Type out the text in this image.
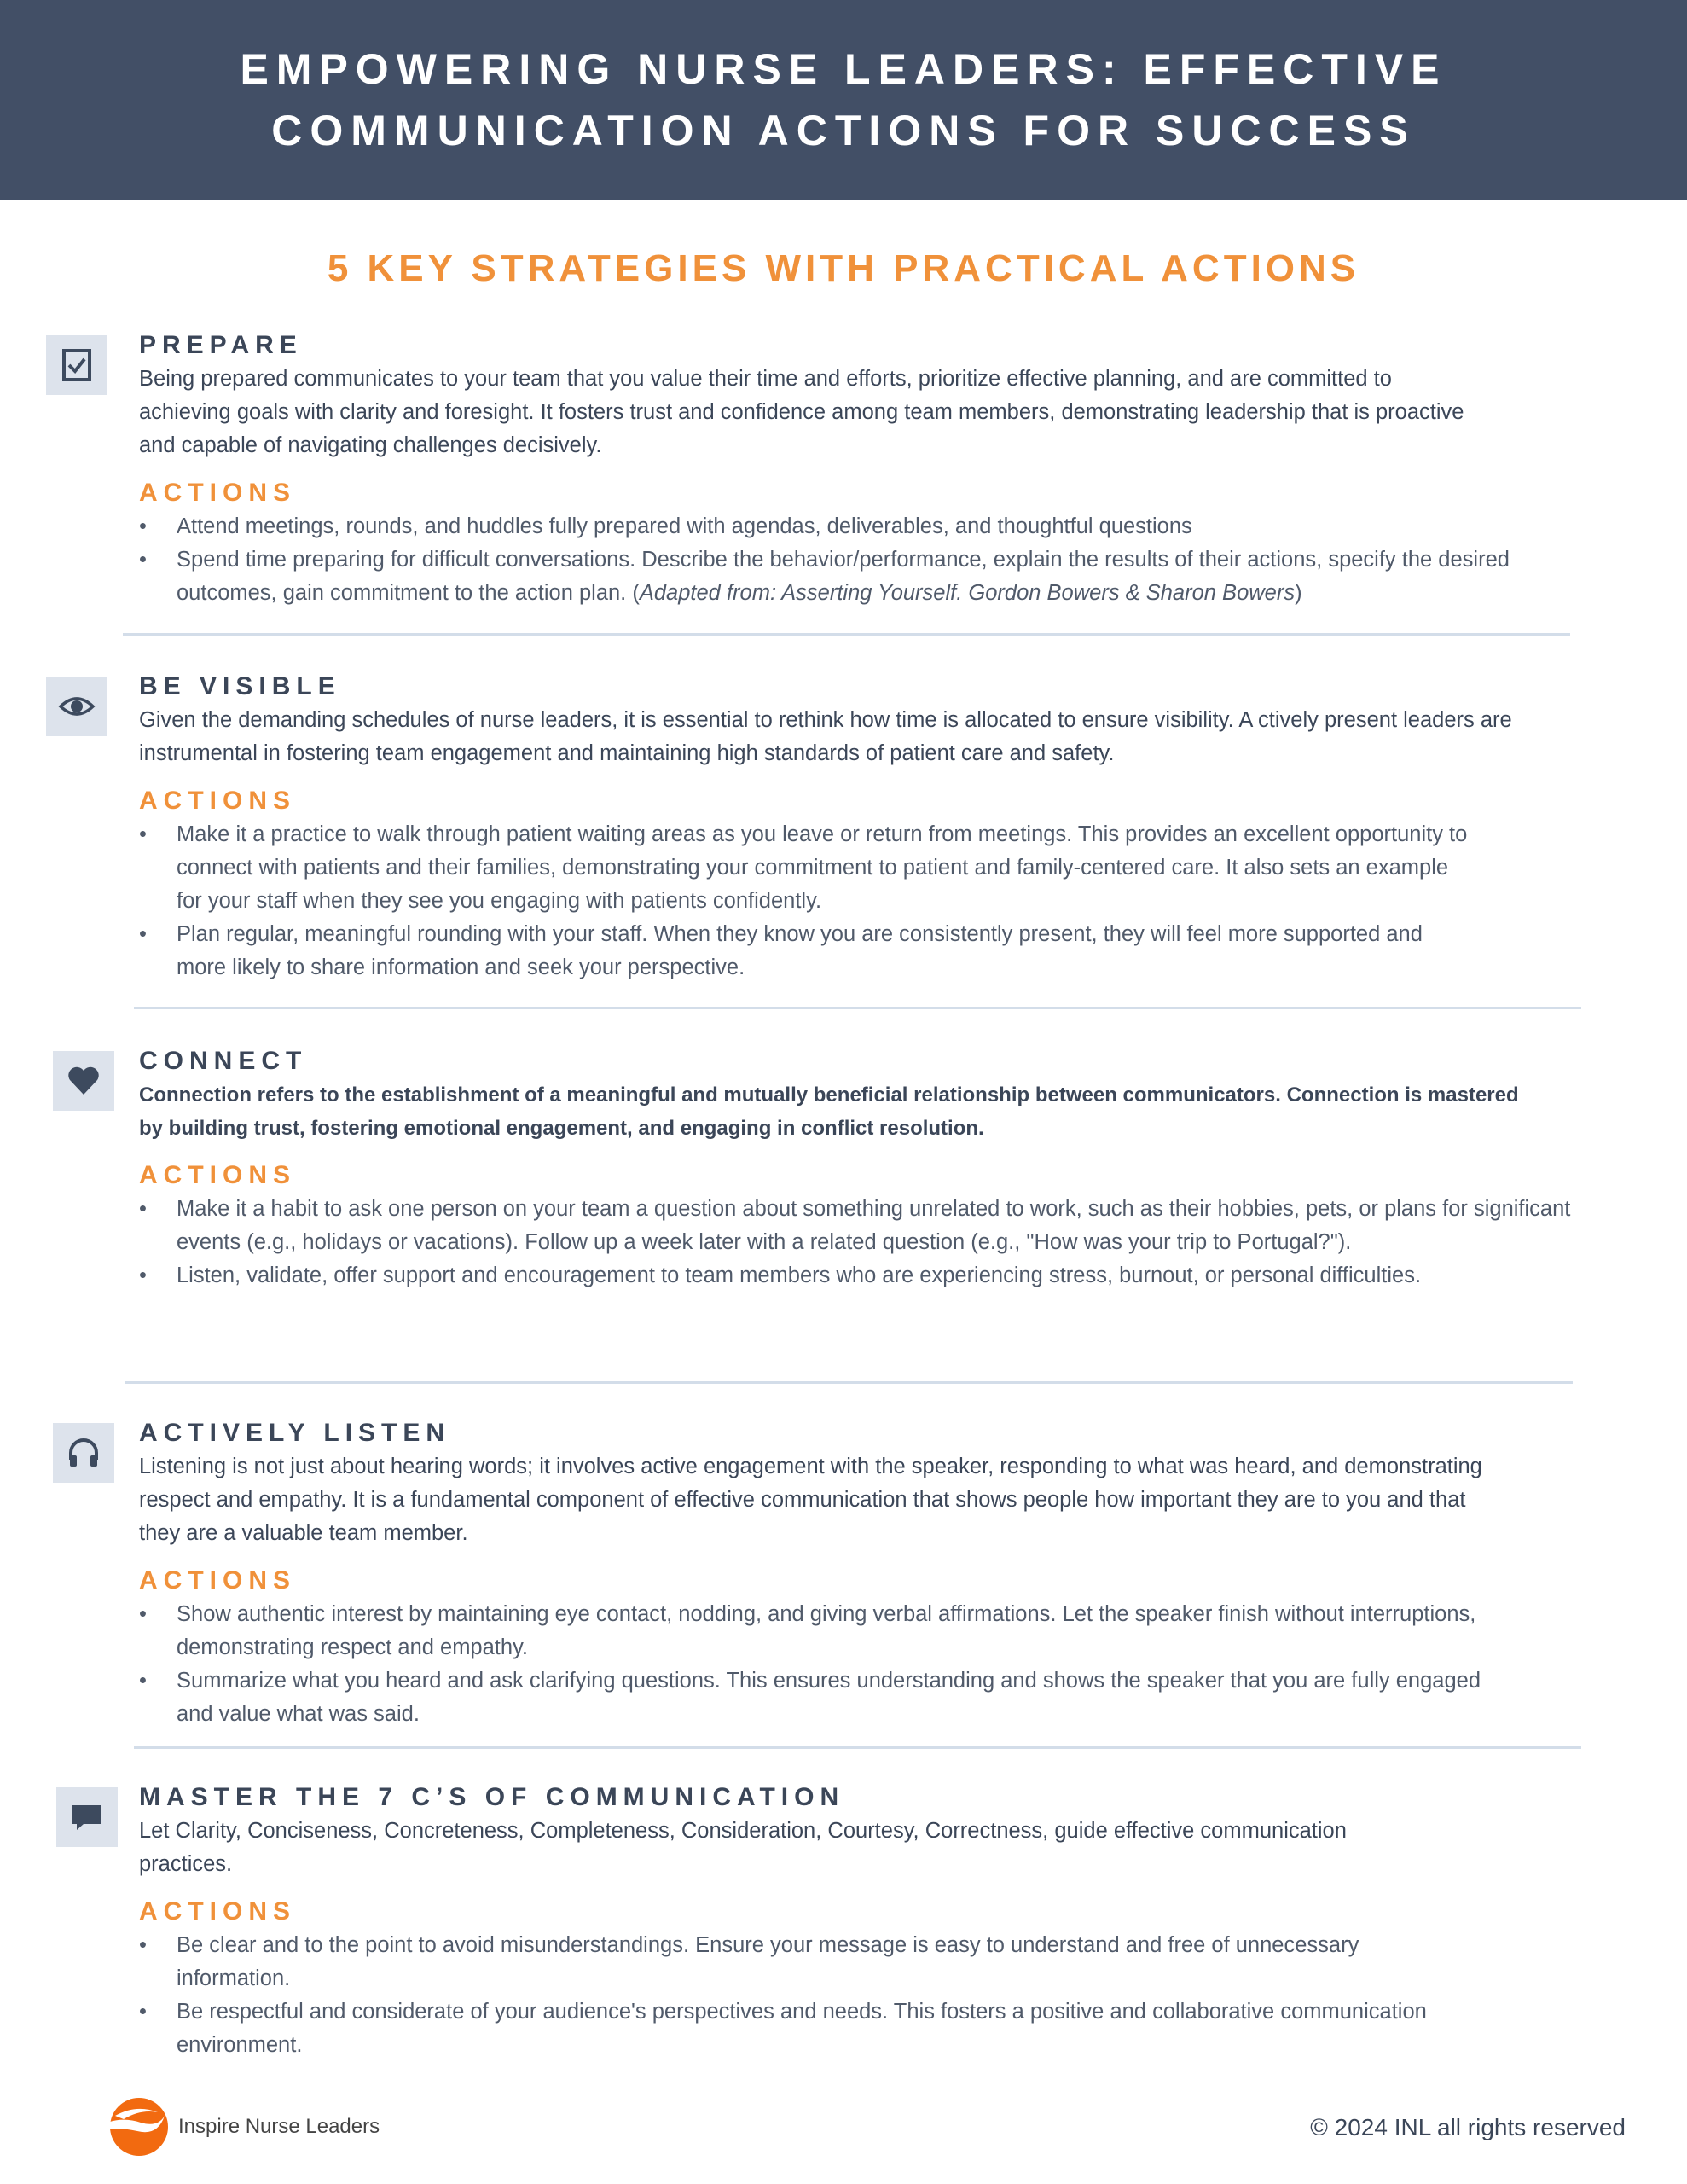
EMPOWERING NURSE LEADERS: EFFECTIVE
COMMUNICATION ACTIONS FOR SUCCESS
5 KEY STRATEGIES WITH PRACTICAL ACTIONS
PREPARE

Being prepared communicates to your team that you value their time and efforts, prioritize effective planning, and are committed to achieving goals with clarity and foresight. It fosters trust and confidence among team members, demonstrating leadership that is proactive and capable of navigating challenges decisively.

ACTIONS
• Attend meetings, rounds, and huddles fully prepared with agendas, deliverables, and thoughtful questions
• Spend time preparing for difficult conversations. Describe the behavior/performance, explain the results of their actions, specify the desired outcomes, gain commitment to the action plan. (Adapted from: Asserting Yourself. Gordon Bowers & Sharon Bowers)
BE VISIBLE

Given the demanding schedules of nurse leaders, it is essential to rethink how time is allocated to ensure visibility. A ctively present leaders are instrumental in fostering team engagement and maintaining high standards of patient care and safety.

ACTIONS
• Make it a practice to walk through patient waiting areas as you leave or return from meetings. This provides an excellent opportunity to connect with patients and their families, demonstrating your commitment to patient and family-centered care. It also sets an example for your staff when they see you engaging with patients confidently.
• Plan regular, meaningful rounding with your staff. When they know you are consistently present, they will feel more supported and more likely to share information and seek your perspective.
CONNECT

Connection refers to the establishment of a meaningful and mutually beneficial relationship between communicators. Connection is mastered by building trust, fostering emotional engagement, and engaging in conflict resolution.

ACTIONS
• Make it a habit to ask one person on your team a question about something unrelated to work, such as their hobbies, pets, or plans for significant events (e.g., holidays or vacations). Follow up a week later with a related question (e.g., "How was your trip to Portugal?").
• Listen, validate, offer support and encouragement to team members who are experiencing stress, burnout, or personal difficulties.
ACTIVELY LISTEN

Listening is not just about hearing words; it involves active engagement with the speaker, responding to what was heard, and demonstrating respect and empathy. It is a fundamental component of effective communication that shows people how important they are to you and that they are a valuable team member.

ACTIONS
• Show authentic interest by maintaining eye contact, nodding, and giving verbal affirmations. Let the speaker finish without interruptions, demonstrating respect and empathy.
• Summarize what you heard and ask clarifying questions. This ensures understanding and shows the speaker that you are fully engaged and value what was said.
MASTER THE 7 C’S OF COMMUNICATION

Let Clarity, Conciseness, Concreteness, Completeness, Consideration, Courtesy, Correctness, guide effective communication practices.

ACTIONS
• Be clear and to the point to avoid misunderstandings. Ensure your message is easy to understand and free of unnecessary information.
• Be respectful and considerate of your audience's perspectives and needs. This fosters a positive and collaborative communication environment.
Inspire Nurse Leaders	© 2024 INL all rights reserved
